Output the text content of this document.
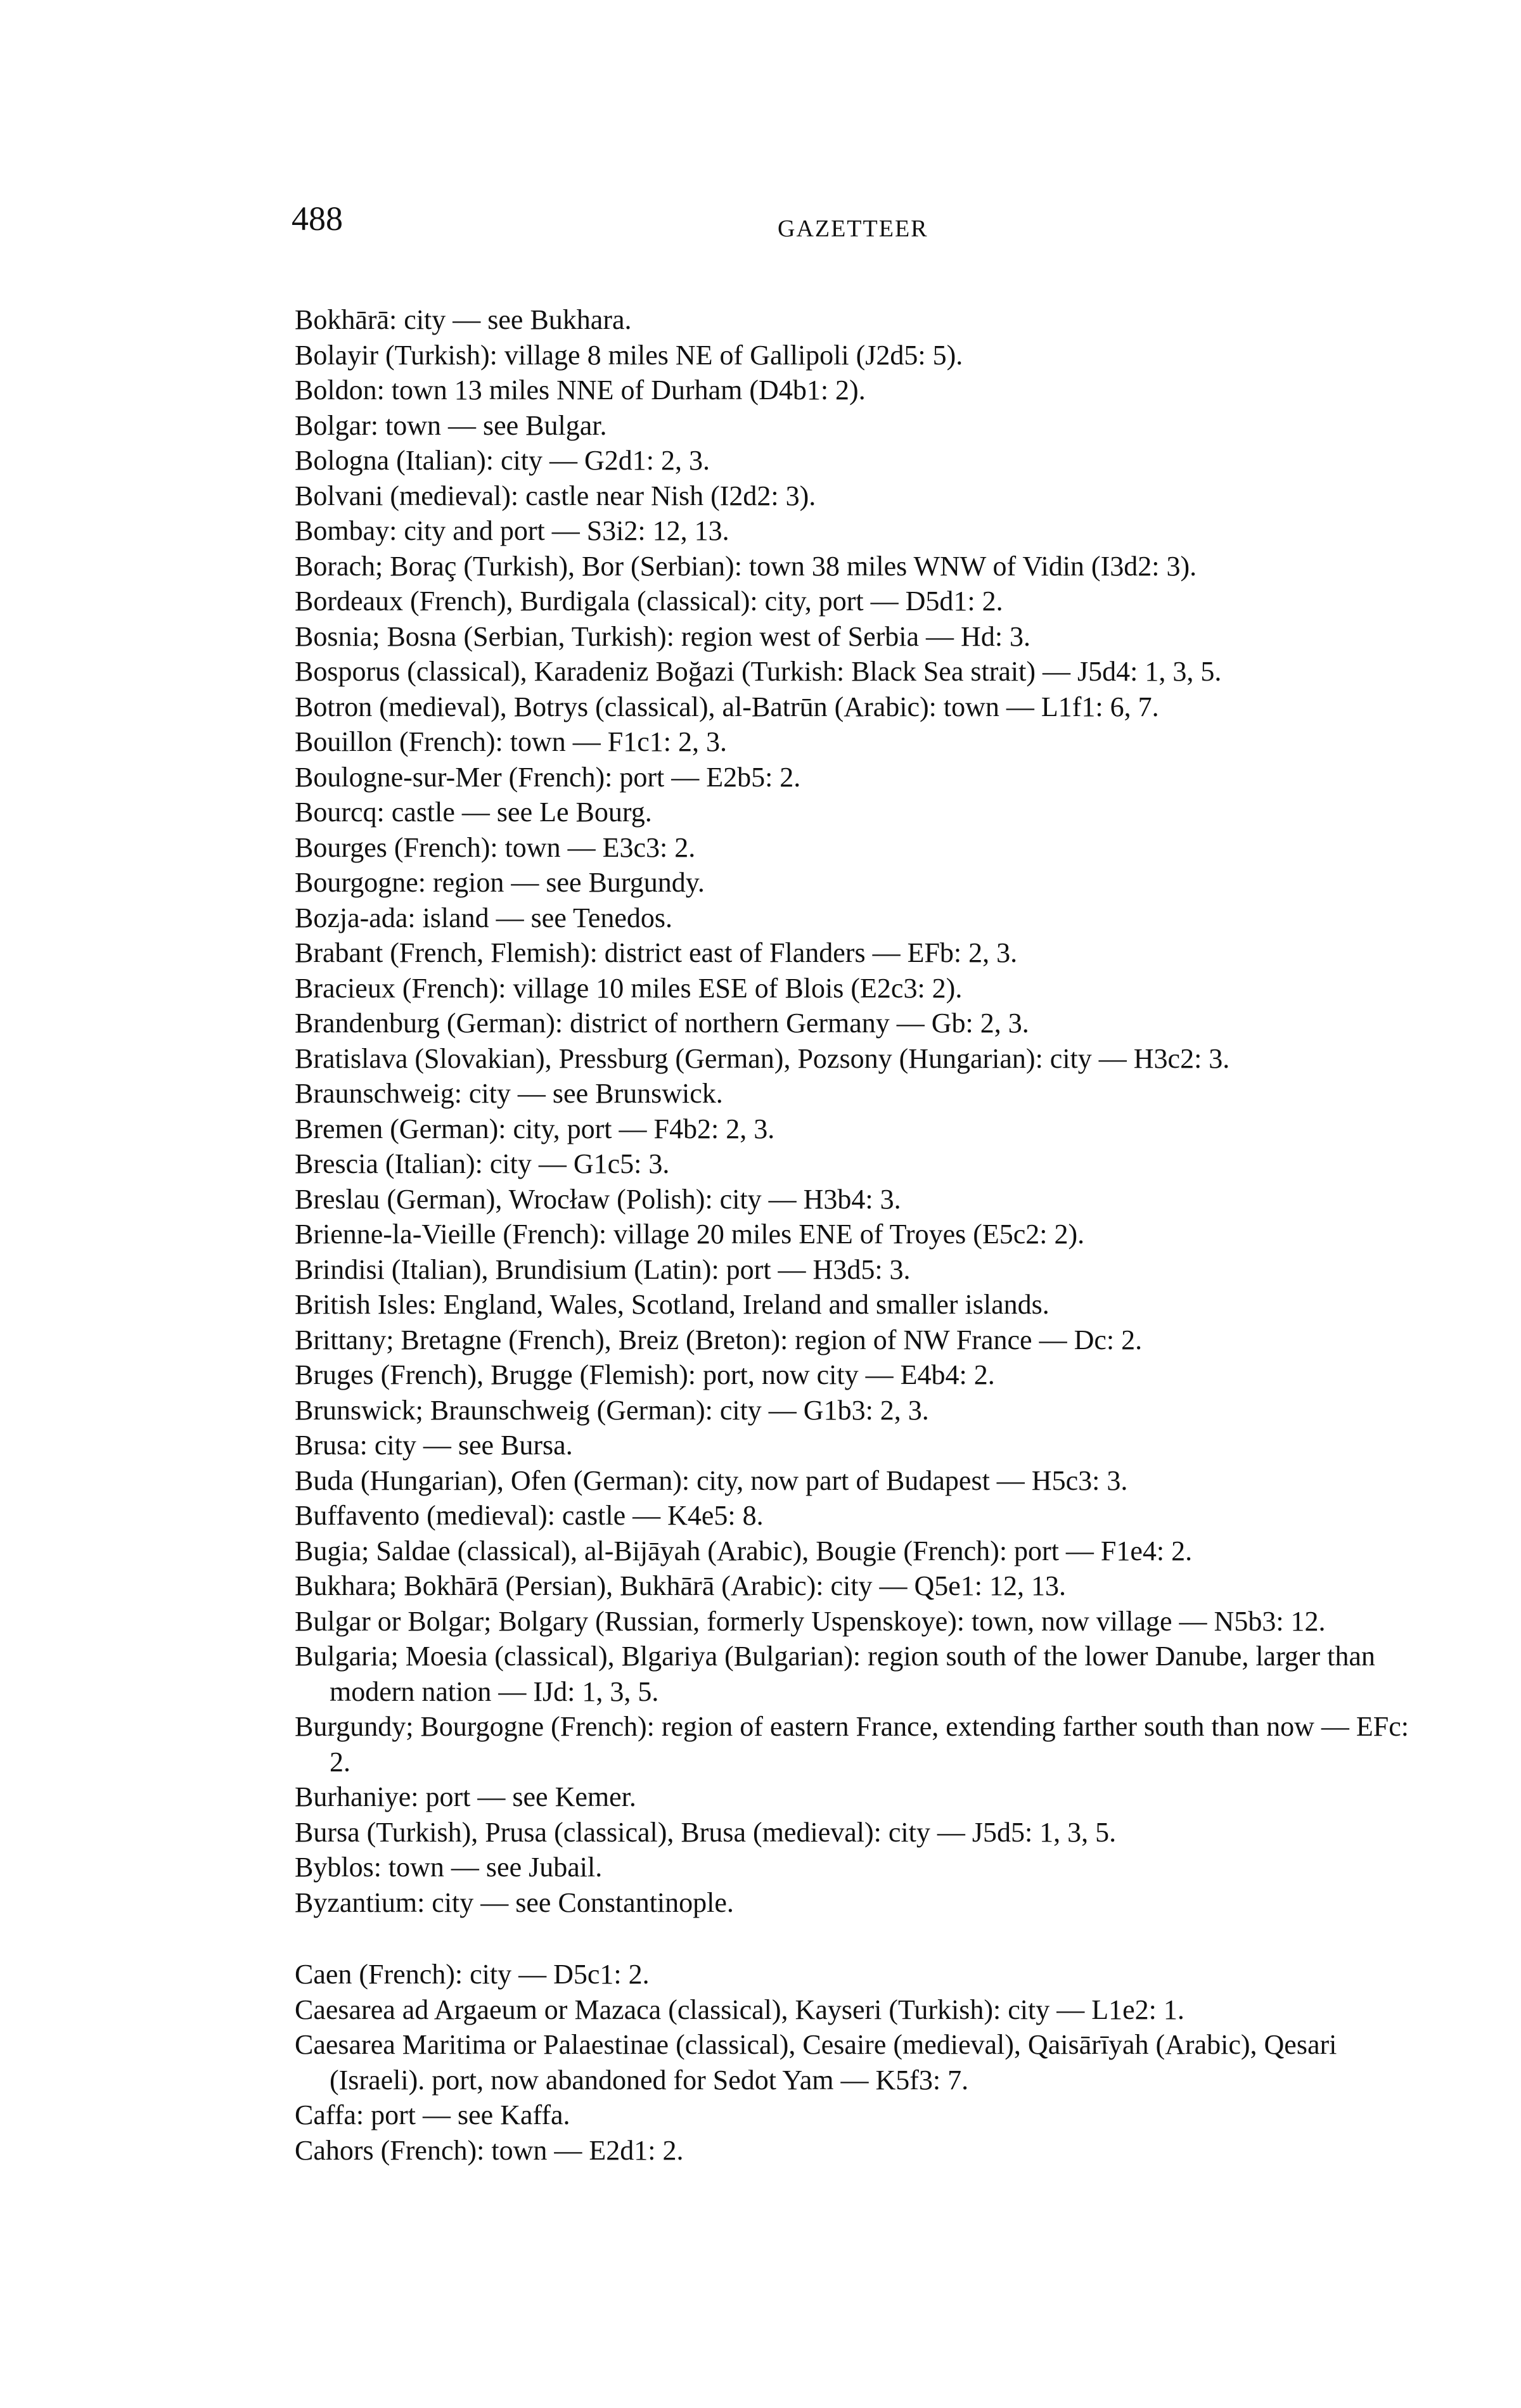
488	GAZETTEER
Bokhārā: city — see Bukhara.
Bolayir (Turkish): village 8 miles NE of Gallipoli (J2d5: 5).
Boldon: town 13 miles NNE of Durham (D4b1: 2).
Bolgar: town — see Bulgar.
Bologna (Italian): city — G2d1: 2, 3.
Bolvani (medieval): castle near Nish (I2d2: 3).
Bombay: city and port — S3i2: 12, 13.
Borach; Boraç (Turkish), Bor (Serbian): town 38 miles WNW of Vidin (I3d2: 3).
Bordeaux (French), Burdigala (classical): city, port — D5d1: 2.
Bosnia; Bosna (Serbian, Turkish): region west of Serbia — Hd: 3.
Bosporus (classical), Karadeniz Boğazi (Turkish: Black Sea strait) — J5d4: 1, 3, 5.
Botron (medieval), Botrys (classical), al-Batrūn (Arabic): town — L1f1: 6, 7.
Bouillon (French): town — F1c1: 2, 3.
Boulogne-sur-Mer (French): port — E2b5: 2.
Bourcq: castle — see Le Bourg.
Bourges (French): town — E3c3: 2.
Bourgogne: region — see Burgundy.
Bozja-ada: island — see Tenedos.
Brabant (French, Flemish): district east of Flanders — EFb: 2, 3.
Bracieux (French): village 10 miles ESE of Blois (E2c3: 2).
Brandenburg (German): district of northern Germany — Gb: 2, 3.
Bratislava (Slovakian), Pressburg (German), Pozsony (Hungarian): city — H3c2: 3.
Braunschweig: city — see Brunswick.
Bremen (German): city, port — F4b2: 2, 3.
Brescia (Italian): city — G1c5: 3.
Breslau (German), Wrocław (Polish): city — H3b4: 3.
Brienne-la-Vieille (French): village 20 miles ENE of Troyes (E5c2: 2).
Brindisi (Italian), Brundisium (Latin): port — H3d5: 3.
British Isles: England, Wales, Scotland, Ireland and smaller islands.
Brittany; Bretagne (French), Breiz (Breton): region of NW France — Dc: 2.
Bruges (French), Brugge (Flemish): port, now city — E4b4: 2.
Brunswick; Braunschweig (German): city — G1b3: 2, 3.
Brusa: city — see Bursa.
Buda (Hungarian), Ofen (German): city, now part of Budapest — H5c3: 3.
Buffavento (medieval): castle — K4e5: 8.
Bugia; Saldae (classical), al-Bijāyah (Arabic), Bougie (French): port — F1e4: 2.
Bukhara; Bokhārā (Persian), Bukhārā (Arabic): city — Q5e1: 12, 13.
Bulgar or Bolgar; Bolgary (Russian, formerly Uspenskoye): town, now village — N5b3: 12.
Bulgaria; Moesia (classical), Blgariya (Bulgarian): region south of the lower Danube, larger than modern nation — IJd: 1, 3, 5.
Burgundy; Bourgogne (French): region of eastern France, extending farther south than now — EFc: 2.
Burhaniye: port — see Kemer.
Bursa (Turkish), Prusa (classical), Brusa (medieval): city — J5d5: 1, 3, 5.
Byblos: town — see Jubail.
Byzantium: city — see Constantinople.
Caen (French): city — D5c1: 2.
Caesarea ad Argaeum or Mazaca (classical), Kayseri (Turkish): city — L1e2: 1.
Caesarea Maritima or Palaestinae (classical), Cesaire (medieval), Qaisārīyah (Arabic), Qesari (Israeli). port, now abandoned for Sedot Yam — K5f3: 7.
Caffa: port — see Kaffa.
Cahors (French): town — E2d1: 2.
